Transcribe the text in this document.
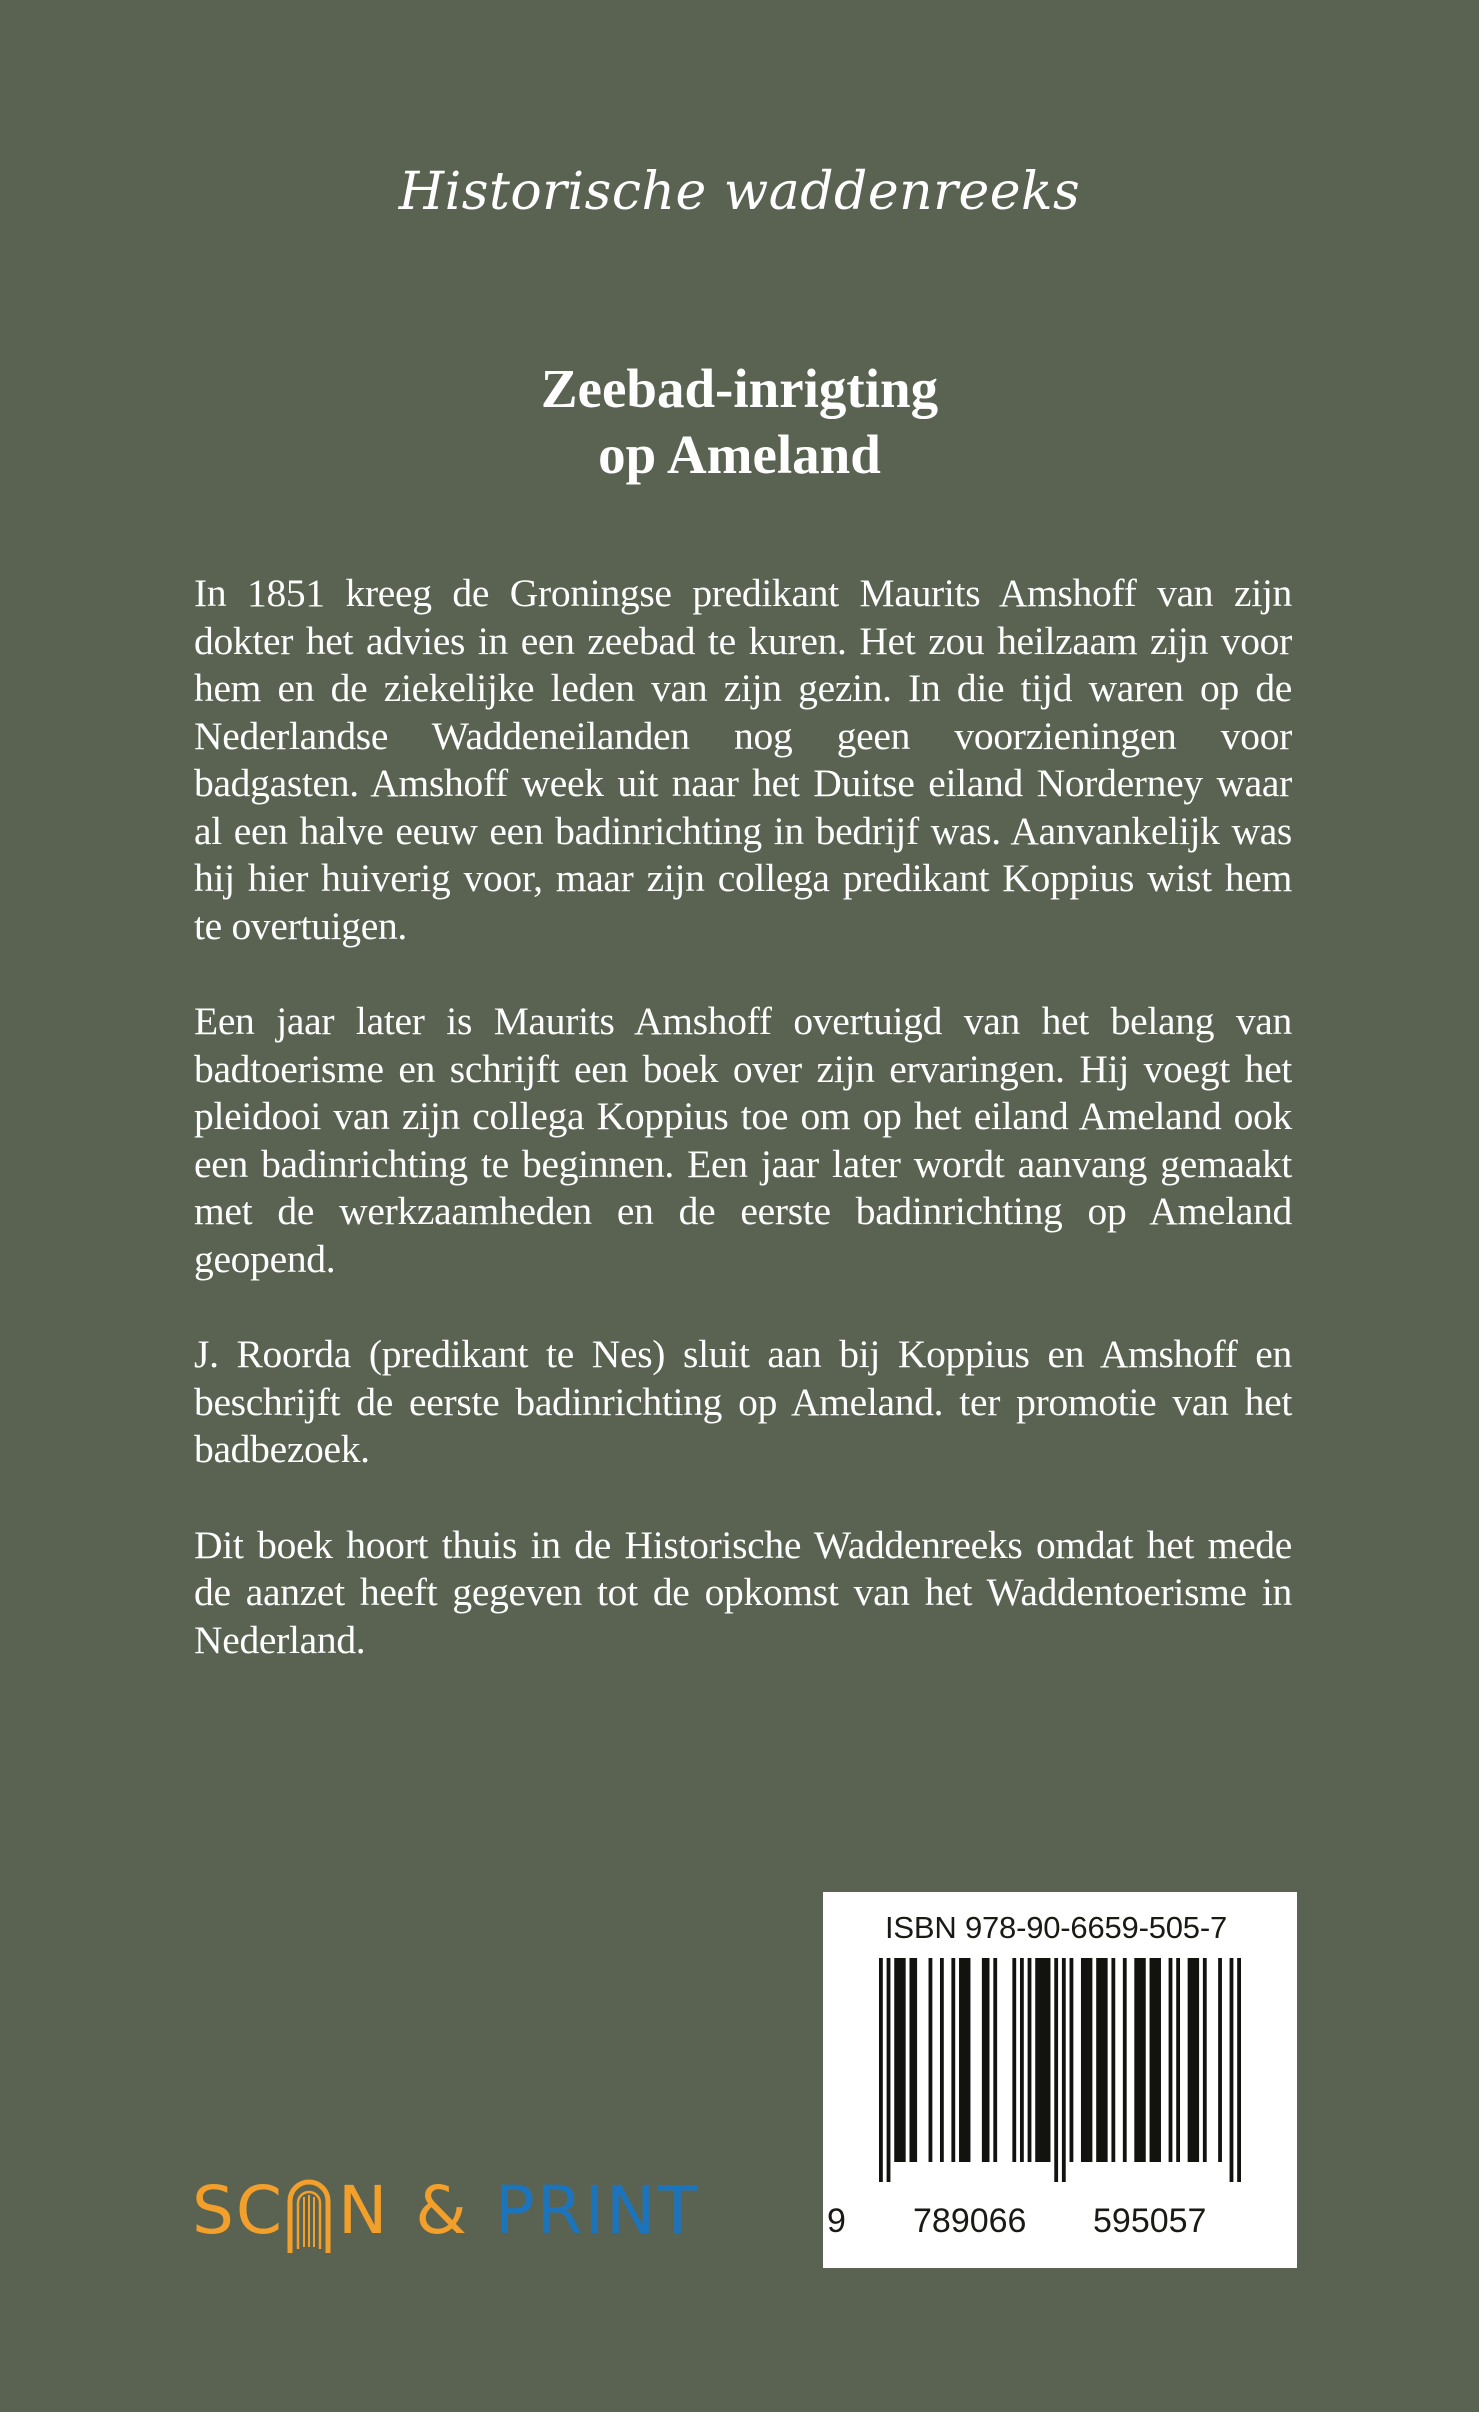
Historische waddenreeks
Zeebad-inrigting
op Ameland

In 1851 kreeg de Groningse predikant Maurits Amshoff van zijn dokter het advies in een zeebad te kuren. Het zou heilzaam zijn voor hem en de ziekelijke leden van zijn gezin. In die tijd waren op de Nederlandse Waddeneilanden nog geen voorzieningen voor badgasten. Amshoff week uit naar het Duitse eiland Norderney waar al een halve eeuw een badinrichting in bedrijf was. Aanvankelijk was hij hier huiverig voor, maar zijn collega predikant Koppius wist hem te overtuigen.

Een jaar later is Maurits Amshoff overtuigd van het belang van badtoerisme en schrijft een boek over zijn ervaringen. Hij voegt het pleidooi van zijn collega Koppius toe om op het eiland Ameland ook een badinrichting te beginnen. Een jaar later wordt aanvang gemaakt met de werkzaamheden en de eerste badinrichting op Ameland geopend.

J. Roorda (predikant te Nes) sluit aan bij Koppius en Amshoff en beschrijft de eerste badinrichting op Ameland. ter promotie van het badbezoek.

Dit boek hoort thuis in de Historische Waddenreeks omdat het mede de aanzet heeft gegeven tot de opkomst van het Waddentoerisme in Nederland.

ISBN 978-90-6659-505-7
9 789066 595057
SC N & PRINT
